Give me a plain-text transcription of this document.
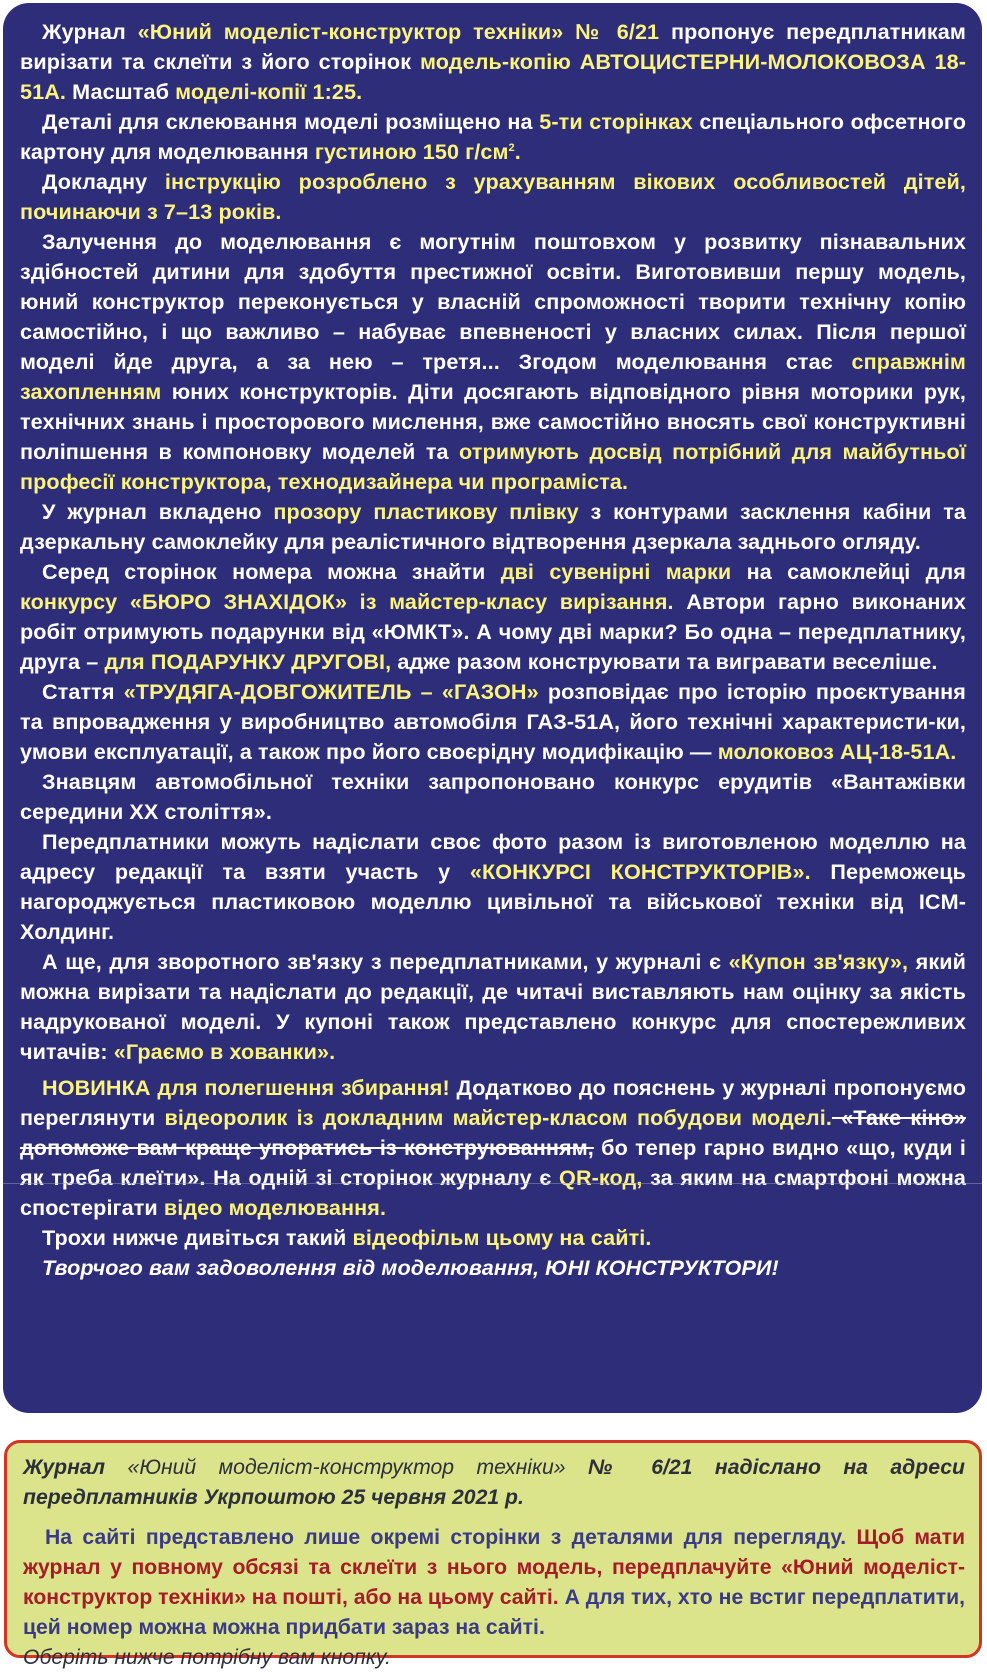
Журнал «Юний моделіст-конструктор техніки» № 6/21 пропонує передплатникам вирізати та склеїти з його сторінок модель-копію АВТОЦИСТЕРНИ-МОЛОКОВОЗА 18-51А. Масштаб моделі-копії 1:25.

Деталі для склеювання моделі розміщено на 5-ти сторінках спеціального офсетного картону для моделювання густиною 150 $г/см^2$.

Докладну інструкцію розроблено з урахуванням вікових особливостей дітей, починаючи з 7–13 років.

Залучення до моделювання є могутнім поштовхом у розвитку пізнавальних здібностей дитини для здобуття престижної освіти. Виготовивши першу модель, юний конструктор переконується у власній спроможності творити технічну копію самостійно, і що важливо – набуває впевненості у власних силах. Після першої моделі йде друга, а за нею – третя... Згодом моделювання стає справжнім захопленням юних конструкторів. Діти досягають відповідного рівня моторики рук, технічних знань і просторового мислення, вже самостійно вносять свої конструктивні поліпшення в компоновку моделей та отримують досвід потрібний для майбутньої професії конструктора, технодизайнера чи програміста.

У журнал вкладено прозору пластикову плівку з контурами засклення кабіни та дзеркальну самоклейку для реалістичного відтворення дзеркала заднього огляду.

Серед сторінок номера можна знайти дві сувенірні марки на самоклейці для конкурсу «БЮРО ЗНАХІДОК» із майстер-класу вирізання. Автори гарно виконаних робіт отримують подарунки від «ЮМКТ». А чому дві марки? Бо одна – передплатнику, друга – для ПОДАРУНКУ ДРУГОВІ, адже разом конструювати та вигравати веселіше.

Стаття «ТРУДЯГА-ДОВГОЖИТЕЛЬ – «ГАЗОН» розповідає про історію проєктування та впровадження у виробництво автомобіля ГАЗ-51А, його технічні характеристи-ки, умови експлуатації, а також про його своєрідну модифікацію — молоковоз АЦ-18-51А.

Знавцям автомобільної техніки запропоновано конкурс ерудитів «Вантажівки середини ХХ століття».

Передплатники можуть надіслати своє фото разом із виготовленою моделлю на адресу редакції та взяти участь у «КОНКУРСІ КОНСТРУКТОРІВ». Переможець нагороджується пластиковою моделлю цивільної та військової техніки від ICM-Холдинг.

А ще, для зворотного зв'язку з передплатниками, у журналі є «Купон зв'язку», який можна вирізати та надіслати до редакції, де читачі виставляють нам оцінку за якість надрукованої моделі. У купоні також представлено конкурс для спостережливих читачів: «Граємо в хованки».

НОВИНКА для полегшення збирання! Додатково до пояснень у журналі пропонуємо переглянути відеоролик із докладним майстер-класом побудови моделі. «Таке кіно» допоможе вам краще упоратись із конструюванням, бо тепер гарно видно «що, куди і як треба клеїти». На одній зі сторінок журналу є QR-код, за яким на смартфоні можна спостерігати відео моделювання.

Трохи нижче дивіться такий відеофільм цьому на сайті.

Творчого вам задоволення від моделювання, ЮНІ КОНСТРУКТОРИ!

Журнал «Юний моделіст-конструктор техніки» № 6/21 надіслано на адреси передплатників Укрпоштою 25 червня 2021 р.

На сайті представлено лише окремі сторінки з деталями для перегляду. Щоб мати журнал у повному обсязі та склеїти з нього модель, передплачуйте «Юний моделіст-конструктор техніки» на пошті, або на цьому сайті. А для тих, хто не встиг передплатити, цей номер можна можна придбати зараз на сайті.

Оберіть нижче потрібну вам кнопку.
